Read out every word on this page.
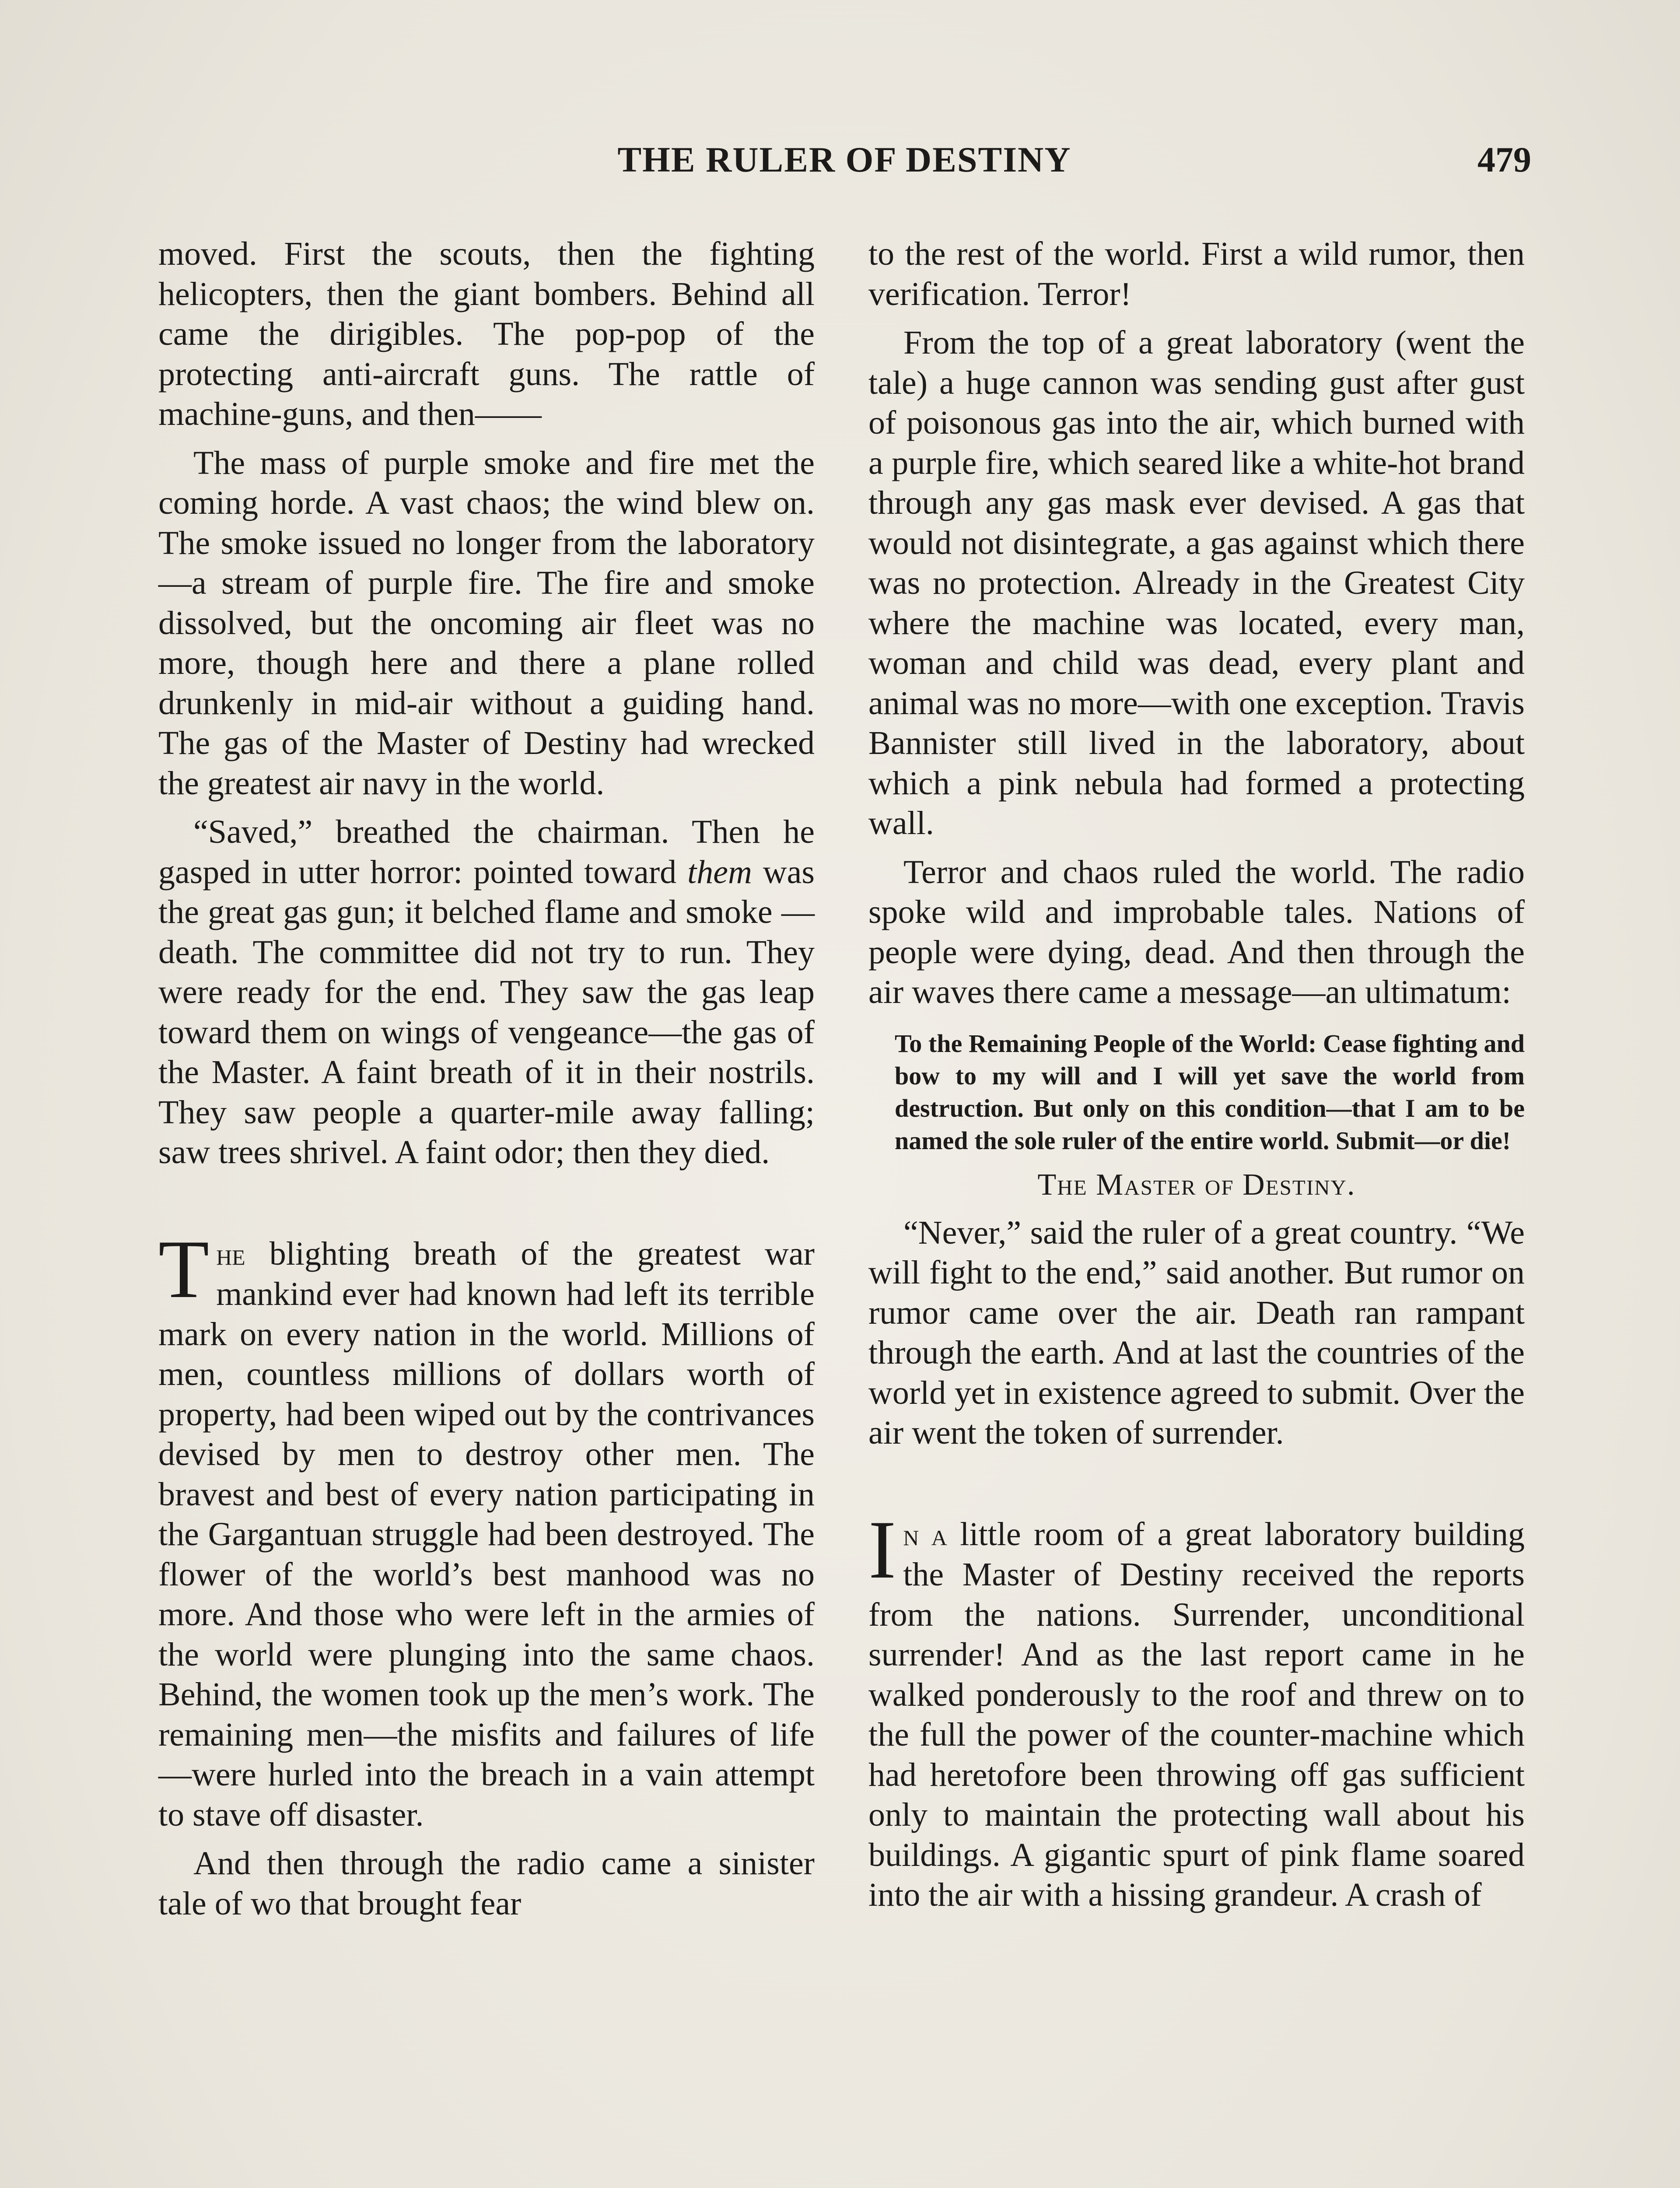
THE RULER OF DESTINY	479

moved. First the scouts, then the fighting helicopters, then the giant bombers. Behind all came the dirigibles. The pop-pop of the protecting anti-aircraft guns. The rattle of machine-guns, and then——

The mass of purple smoke and fire met the coming horde. A vast chaos; the wind blew on. The smoke issued no longer from the laboratory—a stream of purple fire. The fire and smoke dissolved, but the oncoming air fleet was no more, though here and there a plane rolled drunkenly in mid-air without a guiding hand. The gas of the Master of Destiny had wrecked the greatest air navy in the world.

“Saved,” breathed the chairman. Then he gasped in utter horror: pointed toward them was the great gas gun; it belched flame and smoke —death. The committee did not try to run. They were ready for the end. They saw the gas leap toward them on wings of vengeance—the gas of the Master. A faint breath of it in their nostrils. They saw people a quarter-mile away falling; saw trees shrivel. A faint odor; then they died.

The blighting breath of the greatest war mankind ever had known had left its terrible mark on every nation in the world. Millions of men, countless millions of dollars worth of property, had been wiped out by the contrivances devised by men to destroy other men. The bravest and best of every nation participating in the Gargantuan struggle had been destroyed. The flower of the world’s best manhood was no more. And those who were left in the armies of the world were plunging into the same chaos. Behind, the women took up the men’s work. The remaining men—the misfits and failures of life —were hurled into the breach in a vain attempt to stave off disaster.

And then through the radio came a sinister tale of wo that brought fear

to the rest of the world. First a wild rumor, then verification. Terror!

From the top of a great laboratory (went the tale) a huge cannon was sending gust after gust of poisonous gas into the air, which burned with a purple fire, which seared like a white-hot brand through any gas mask ever devised. A gas that would not disintegrate, a gas against which there was no protection. Already in the Greatest City where the machine was located, every man, woman and child was dead, every plant and animal was no more—with one exception. Travis Bannister still lived in the laboratory, about which a pink nebula had formed a protecting wall.

Terror and chaos ruled the world. The radio spoke wild and improbable tales. Nations of people were dying, dead. And then through the air waves there came a message—an ultimatum:

To the Remaining People of the World: Cease fighting and bow to my will and I will yet save the world from destruction. But only on this condition—that I am to be named the sole ruler of the entire world. Submit—or die!

The Master of Destiny.

“Never,” said the ruler of a great country. “We will fight to the end,” said another. But rumor on rumor came over the air. Death ran rampant through the earth. And at last the countries of the world yet in existence agreed to submit. Over the air went the token of surrender.

In a little room of a great laboratory building the Master of Destiny received the reports from the nations. Surrender, unconditional surrender! And as the last report came in he walked ponderously to the roof and threw on to the full the power of the counter-machine which had heretofore been throwing off gas sufficient only to maintain the protecting wall about his buildings. A gigantic spurt of pink flame soared into the air with a hissing grandeur. A crash of
